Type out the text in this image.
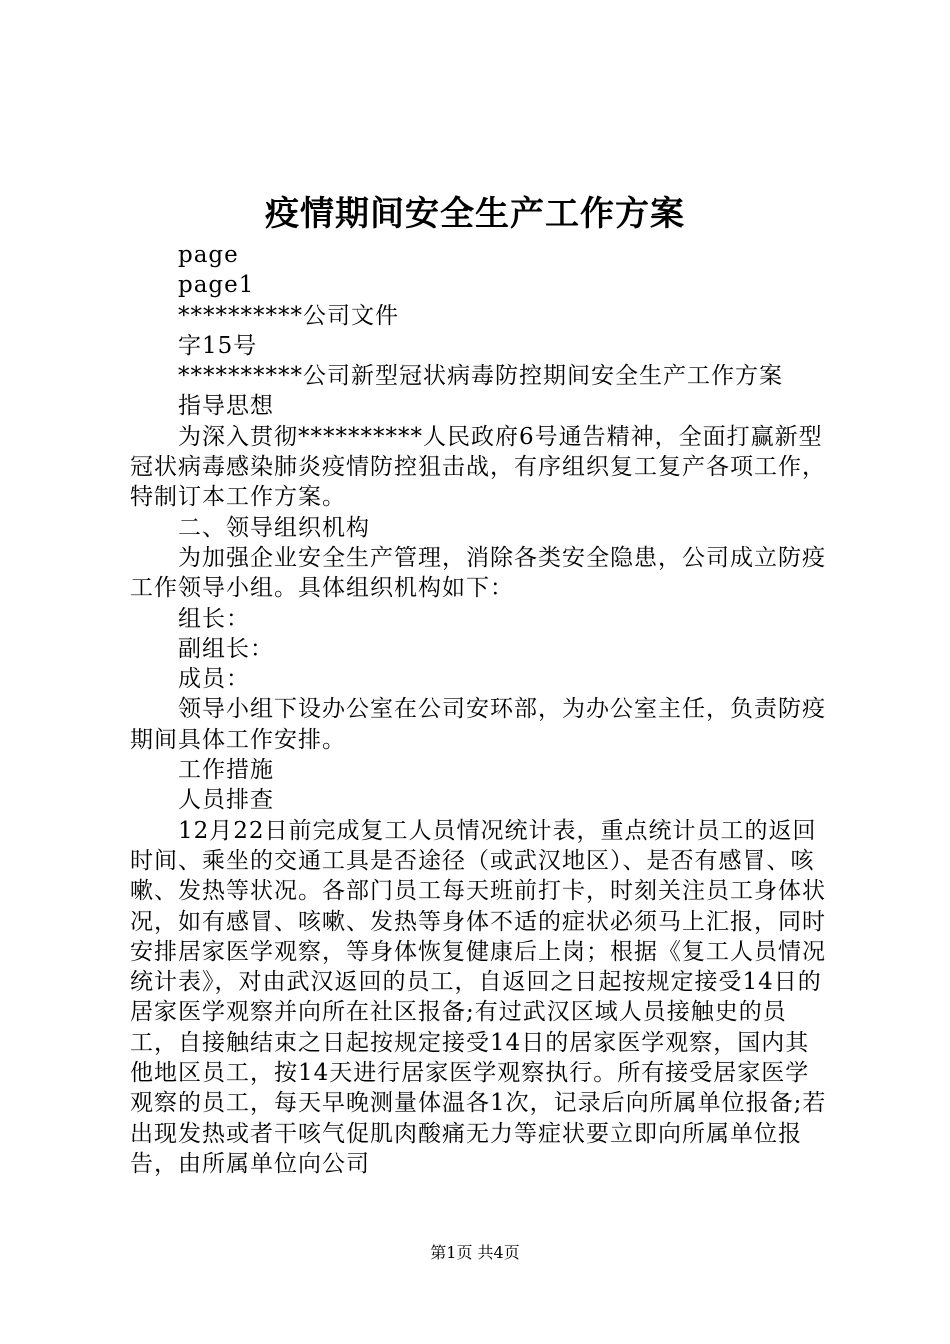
疫情期间安全生产工作方案

page

page1

**********公司文件

字15号

**********公司新型冠状病毒防控期间安全生产工作方案

指导思想

为深入贯彻**********人民政府6号通告精神，全面打赢新型冠状病毒感染肺炎疫情防控狙击战，有序组织复工复产各项工作，特制订本工作方案。

二、领导组织机构

为加强企业安全生产管理，消除各类安全隐患，公司成立防疫工作领导小组。具体组织机构如下：

组长：

副组长：

成员：

领导小组下设办公室在公司安环部，为办公室主任，负责防疫期间具体工作安排。

工作措施

人员排查

12月22日前完成复工人员情况统计表，重点统计员工的返回时间、乘坐的交通工具是否途径（或武汉地区）、是否有感冒、咳嗽、发热等状况。各部门员工每天班前打卡，时刻关注员工身体状况，如有感冒、咳嗽、发热等身体不适的症状必须马上汇报，同时安排居家医学观察，等身体恢复健康后上岗；根据《复工人员情况统计表》，对由武汉返回的员工，自返回之日起按规定接受14日的居家医学观察并向所在社区报备;有过武汉区域人员接触史的员工，自接触结束之日起按规定接受14日的居家医学观察，国内其他地区员工，按14天进行居家医学观察执行。所有接受居家医学观察的员工，每天早晚测量体温各1次，记录后向所属单位报备;若出现发热或者干咳气促肌肉酸痛无力等症状要立即向所属单位报告，由所属单位向公司

第1页 共4页
